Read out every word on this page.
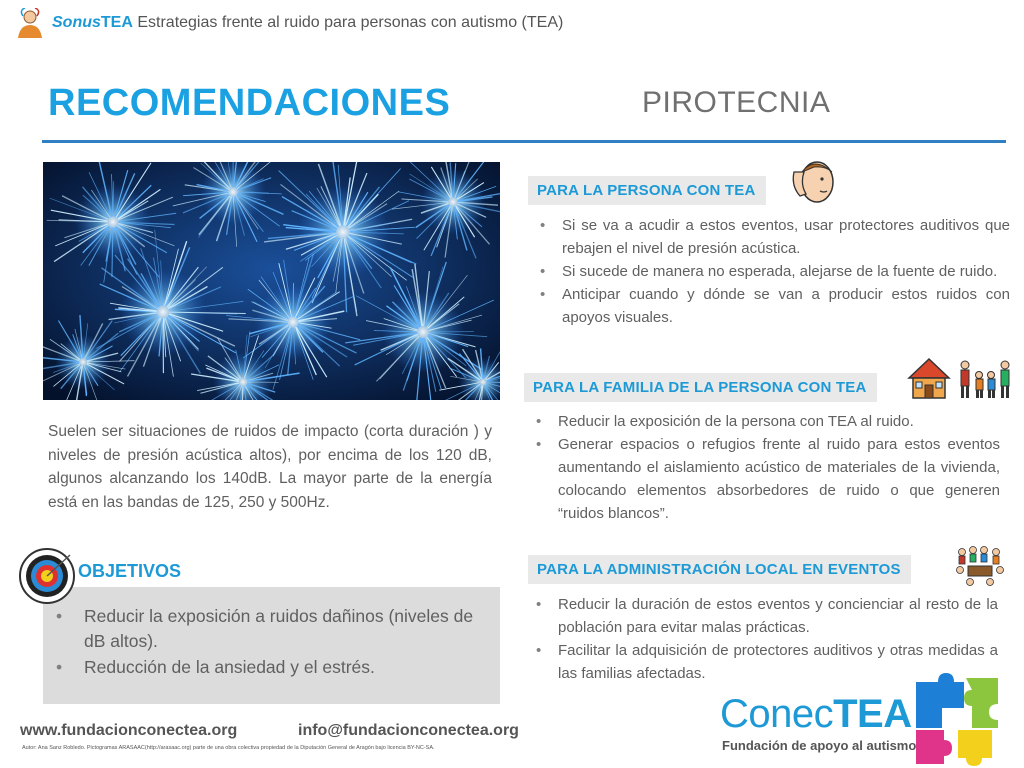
SonusTEA Estrategias frente al ruido para personas con autismo (TEA)
RECOMENDACIONES	PIROTECNIA
Suelen ser situaciones de ruidos de impacto (corta duración ) y niveles de presión acústica altos), por encima de los 120 dB, algunos alcanzando los 140dB. La mayor parte de la energía está en las bandas de 125, 250 y 500Hz.
OBJETIVOS
• Reducir la exposición a ruidos dañinos (niveles de dB altos).
• Reducción de la ansiedad y el estrés.
PARA LA PERSONA CON TEA
• Si se va a acudir a estos eventos, usar protectores auditivos que rebajen el nivel de presión acústica.
• Si sucede de manera no esperada, alejarse de la fuente de ruido.
• Anticipar cuando y dónde se van a producir estos ruidos con apoyos visuales.
PARA LA FAMILIA DE LA PERSONA CON TEA
• Reducir la exposición de la persona con TEA al ruido.
• Generar espacios o refugios frente al ruido para estos eventos aumentando el aislamiento acústico de materiales de la vivienda, colocando elementos absorbedores de ruido o que generen “ruidos blancos”.
PARA LA ADMINISTRACIÓN LOCAL EN EVENTOS
• Reducir la duración de estos eventos y concienciar al resto de la población para evitar malas prácticas.
• Facilitar la adquisición de protectores auditivos y otras medidas a las familias afectadas.
www.fundacionconectea.org	info@fundacionconectea.org
Autor: Ana Sanz Robledo. Pictogramas ARASAAC(http://arasaac.org) parte de una obra colectiva propiedad de la Diputación General de Aragón bajo licencia BY-NC-SA.
ConecTEA
Fundación de apoyo al autismo
